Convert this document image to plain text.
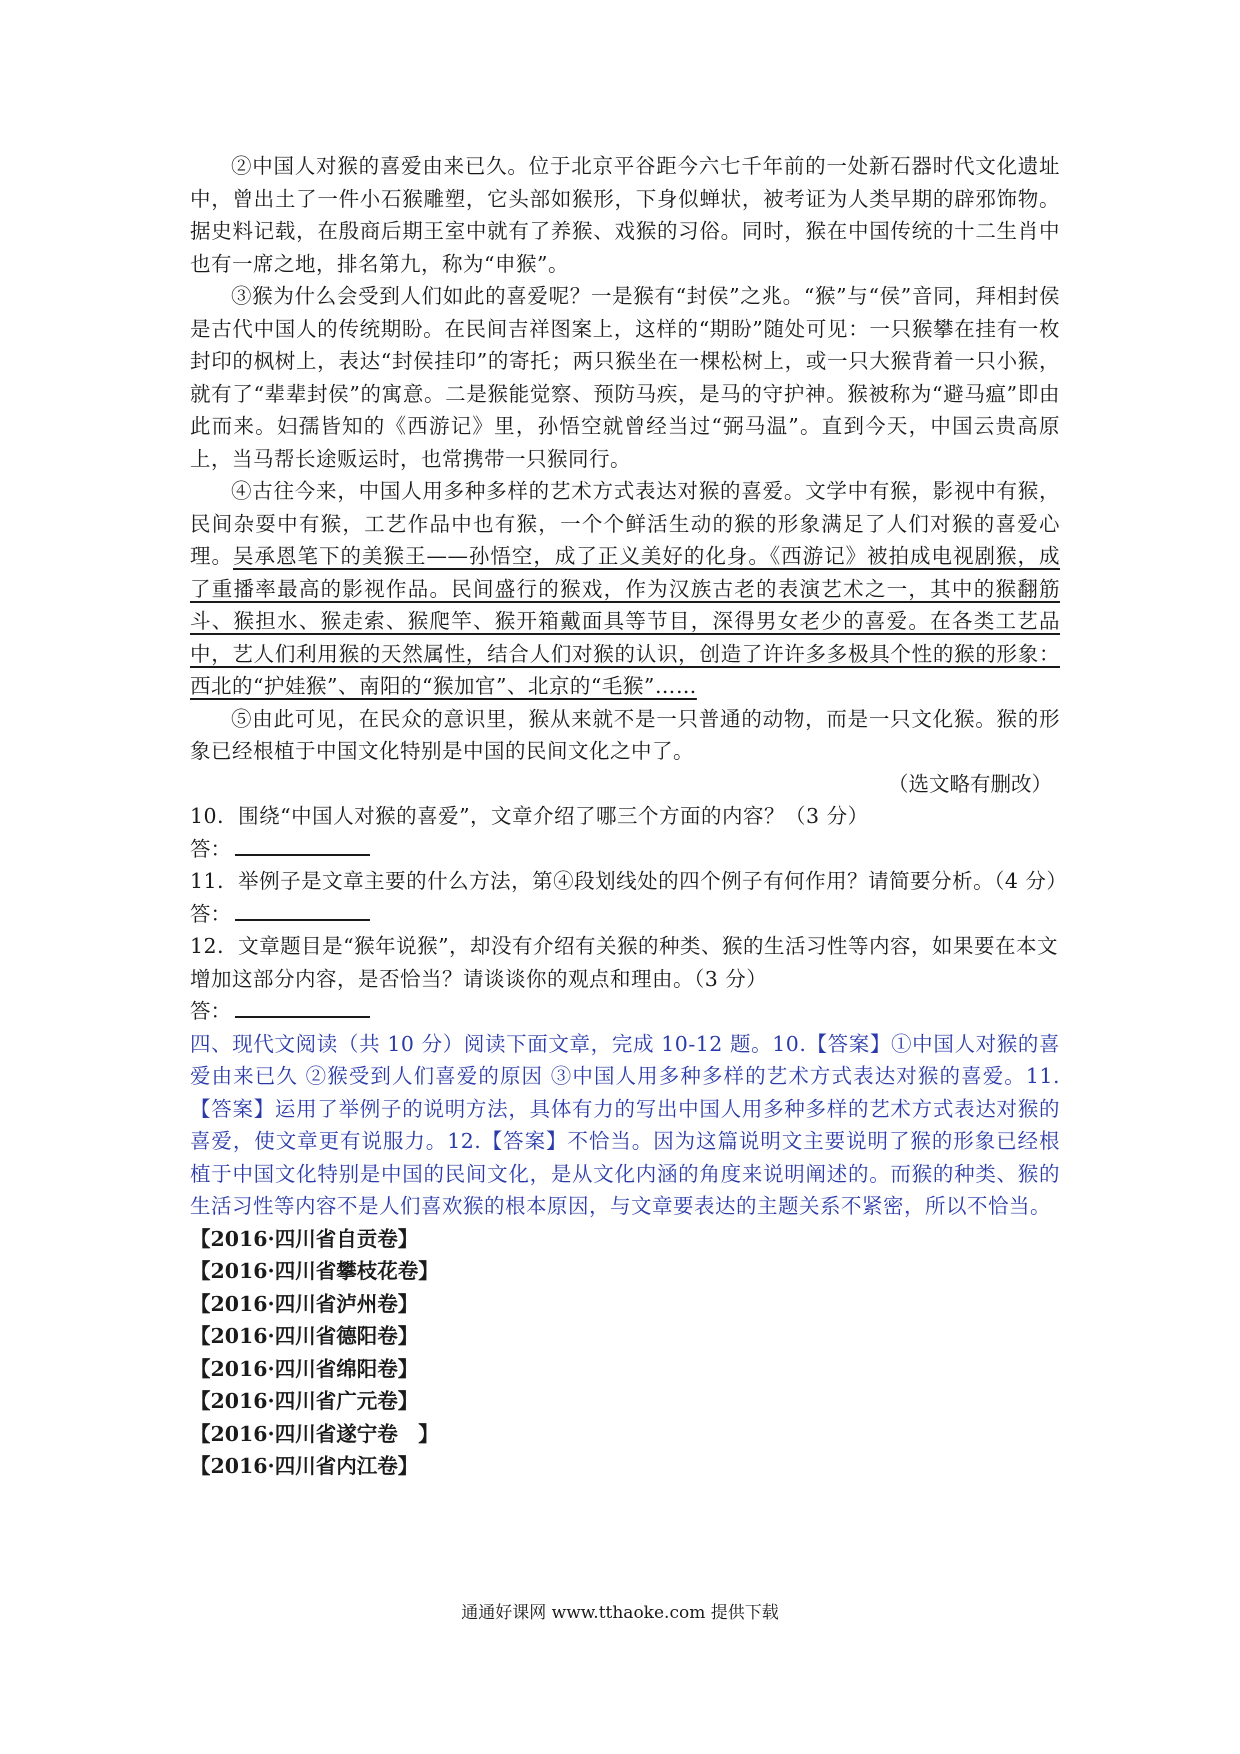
②中国人对猴的喜爱由来已久。位于北京平谷距今六七千年前的一处新石器时代文化遗址中，曾出土了一件小石猴雕塑，它头部如猴形，下身似蝉状，被考证为人类早期的辟邪饰物。据史料记载，在殷商后期王室中就有了养猴、戏猴的习俗。同时，猴在中国传统的十二生肖中也有一席之地，排名第九，称为“申猴”。

③猴为什么会受到人们如此的喜爱呢？一是猴有“封侯”之兆。“猴”与“侯”音同，拜相封侯是古代中国人的传统期盼。在民间吉祥图案上，这样的“期盼”随处可见：一只猴攀在挂有一枚封印的枫树上，表达“封侯挂印”的寄托；两只猴坐在一棵松树上，或一只大猴背着一只小猴，就有了“辈辈封侯”的寓意。二是猴能觉察、预防马疾，是马的守护神。猴被称为“避马瘟”即由此而来。妇孺皆知的《西游记》里，孙悟空就曾经当过“弼马温”。直到今天，中国云贵高原上，当马帮长途贩运时，也常携带一只猴同行。

④古往今来，中国人用多种多样的艺术方式表达对猴的喜爱。文学中有猴，影视中有猴，民间杂耍中有猴，工艺作品中也有猴，一个个鲜活生动的猴的形象满足了人们对猴的喜爱心理。吴承恩笔下的美猴王——孙悟空，成了正义美好的化身。《西游记》被拍成电视剧猴，成了重播率最高的影视作品。民间盛行的猴戏，作为汉族古老的表演艺术之一，其中的猴翻筋斗、猴担水、猴走索、猴爬竿、猴开箱戴面具等节目，深得男女老少的喜爱。在各类工艺品中，艺人们利用猴的天然属性，结合人们对猴的认识，创造了许许多多极具个性的猴的形象：西北的“护娃猴”、南阳的“猴加官”、北京的“毛猴”……

⑤由此可见，在民众的意识里，猴从来就不是一只普通的动物，而是一只文化猴。猴的形象已经根植于中国文化特别是中国的民间文化之中了。

（选文略有删改）

10．围绕“中国人对猴的喜爱”，文章介绍了哪三个方面的内容？（3 分）

答：

11．举例子是文章主要的什么方法，第④段划线处的四个例子有何作用？请简要分析。（4 分）

答：

12．文章题目是“猴年说猴”，却没有介绍有关猴的种类、猴的生活习性等内容，如果要在本文增加这部分内容，是否恰当？请谈谈你的观点和理由。（3 分）

答：

四、现代文阅读（共 10 分）阅读下面文章，完成 10-12 题。10.【答案】①中国人对猴的喜爱由来已久 ②猴受到人们喜爱的原因 ③中国人用多种多样的艺术方式表达对猴的喜爱。11.【答案】运用了举例子的说明方法，具体有力的写出中国人用多种多样的艺术方式表达对猴的喜爱，使文章更有说服力。12.【答案】不恰当。因为这篇说明文主要说明了猴的形象已经根植于中国文化特别是中国的民间文化，是从文化内涵的角度来说明阐述的。而猴的种类、猴的生活习性等内容不是人们喜欢猴的根本原因，与文章要表达的主题关系不紧密，所以不恰当。

【2016·四川省自贡卷】
【2016·四川省攀枝花卷】
【2016·四川省泸州卷】
【2016·四川省德阳卷】
【2016·四川省绵阳卷】
【2016·四川省广元卷】
【2016·四川省遂宁卷　】
【2016·四川省内江卷】
通通好课网 www.tthaoke.com 提供下载
